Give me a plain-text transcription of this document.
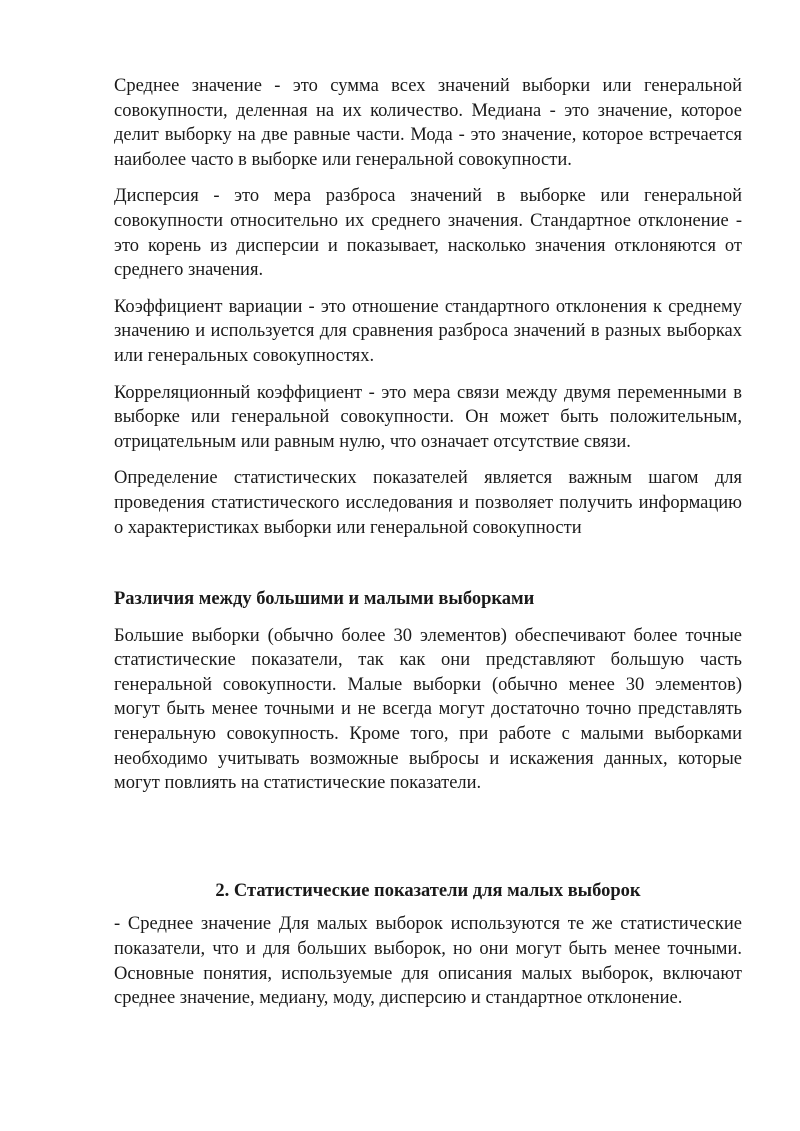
Среднее значение - это сумма всех значений выборки или генеральной совокупности, деленная на их количество. Медиана - это значение, которое делит выборку на две равные части. Мода - это значение, которое встречается наиболее часто в выборке или генеральной совокупности.

Дисперсия - это мера разброса значений в выборке или генеральной совокупности относительно их среднего значения. Стандартное отклонение - это корень из дисперсии и показывает, насколько значения отклоняются от среднего значения.

Коэффициент вариации - это отношение стандартного отклонения к среднему значению и используется для сравнения разброса значений в разных выборках или генеральных совокупностях.

Корреляционный коэффициент - это мера связи между двумя переменными в выборке или генеральной совокупности. Он может быть положительным, отрицательным или равным нулю, что означает отсутствие связи.

Определение статистических показателей является важным шагом для проведения статистического исследования и позволяет получить информацию о характеристиках выборки или генеральной совокупности

Различия между большими и малыми выборками

Большие выборки (обычно более 30 элементов) обеспечивают более точные статистические показатели, так как они представляют большую часть генеральной совокупности. Малые выборки (обычно менее 30 элементов) могут быть менее точными и не всегда могут достаточно точно представлять генеральную совокупность. Кроме того, при работе с малыми выборками необходимо учитывать возможные выбросы и искажения данных, которые могут повлиять на статистические показатели.

2. Статистические показатели для малых выборок

- Среднее значение Для малых выборок используются те же статистические показатели, что и для больших выборок, но они могут быть менее точными. Основные понятия, используемые для описания малых выборок, включают среднее значение, медиану, моду, дисперсию и стандартное отклонение.
